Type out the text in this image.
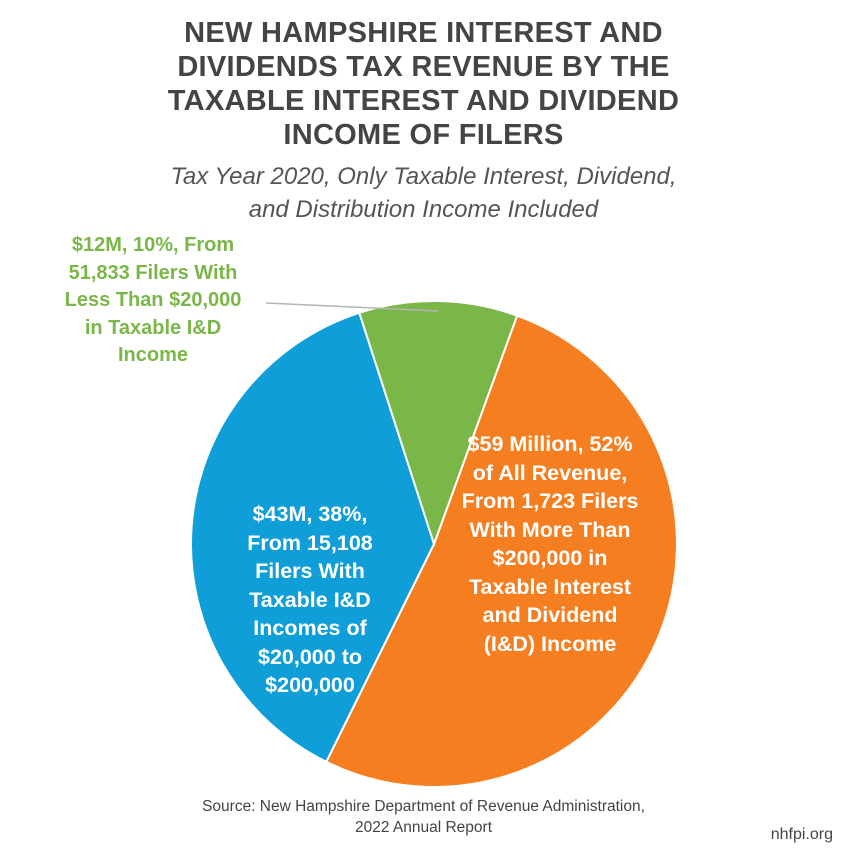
NEW HAMPSHIRE INTEREST AND
DIVIDENDS TAX REVENUE BY THE
TAXABLE INTEREST AND DIVIDEND
INCOME OF FILERS
Tax Year 2020, Only Taxable Interest, Dividend,
and Distribution Income Included
$59 Million, 52%
of All Revenue,
From 1,723 Filers
With More Than
$200,000 in
Taxable Interest
and Dividend
(I&D) Income
$43M, 38%,
From 15,108
Filers With
Taxable I&D
Incomes of
$20,000 to
$200,000
$12M, 10%, From
51,833 Filers With
Less Than $20,000
in Taxable I&D
Income
Source: New Hampshire Department of Revenue Administration,
2022 Annual Report	nhfpi.org
